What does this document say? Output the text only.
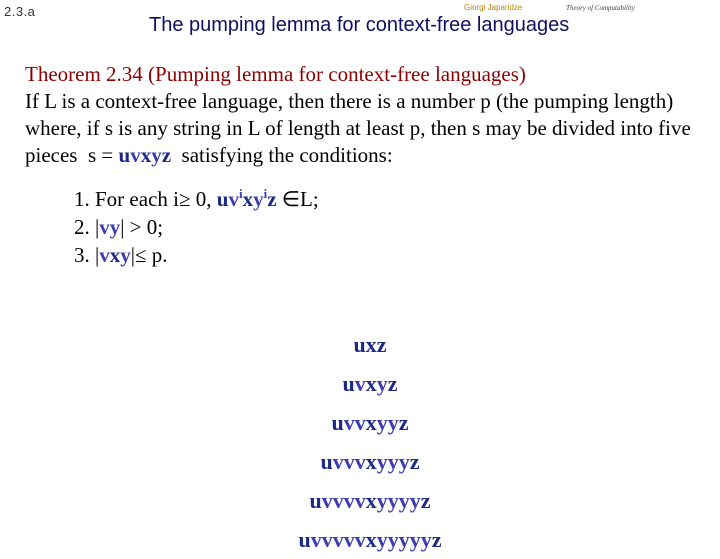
2.3.a	Giorgi Japaridze	Theory of Computability
The pumping lemma for context-free languages
Theorem 2.34 (Pumping lemma for context-free languages)
If L is a context-free language, then there is a number p (the pumping length) where, if s is any string in L of length at least p, then s may be divided into five pieces s = uvxyz satisfying the conditions:
1. For each i≥ 0, $uv^ixy^iz$ ∈L;
2. |vy| > 0;
3. |vxy|≤ p.
uxz
uvxyz
uvvxyyz
uvvvxyyyz
uvvvvxyyyyz
uvvvvvxyyyyyz
